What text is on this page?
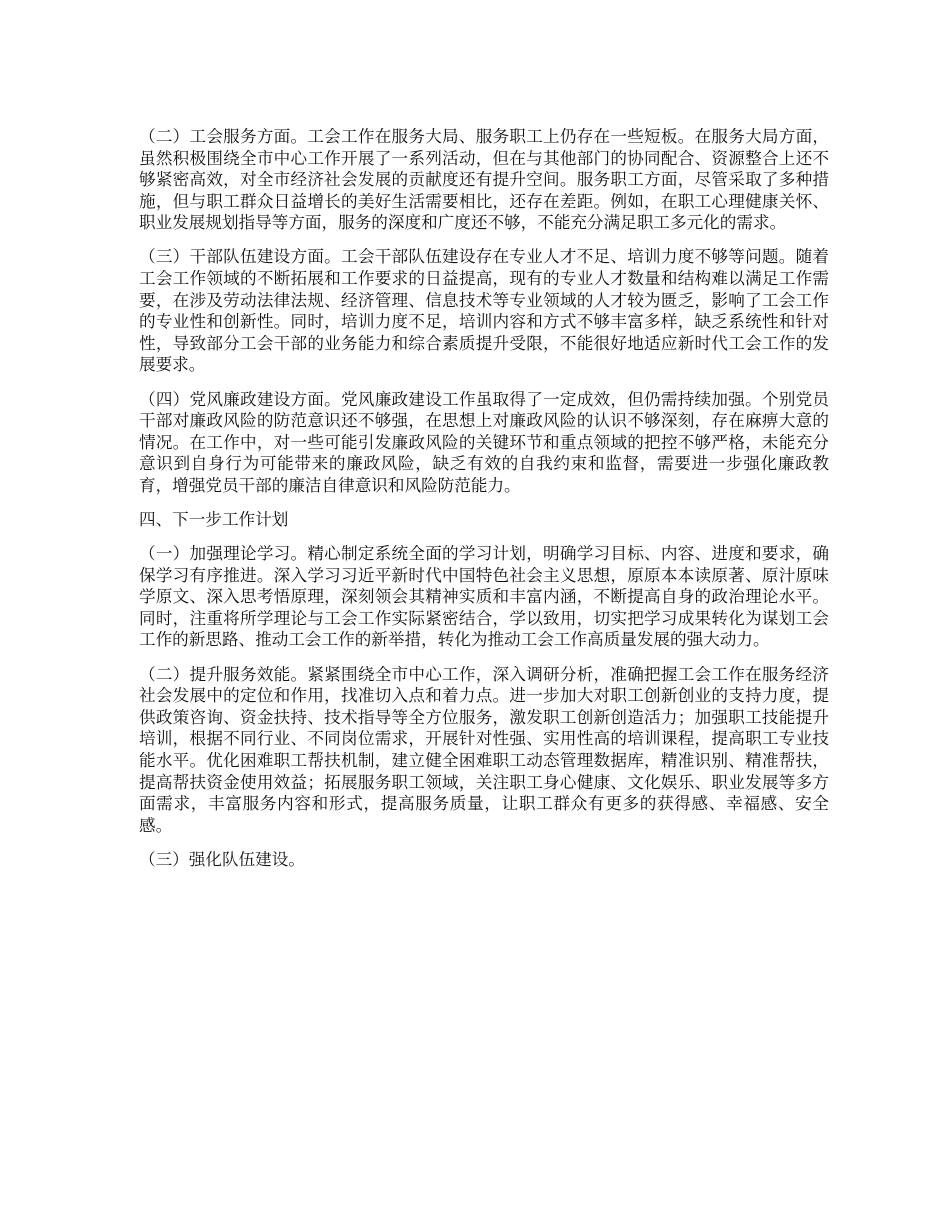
（二）工会服务方面。工会工作在服务大局、服务职工上仍存在一些短板。在服务大局方面，虽然积极围绕全市中心工作开展了一系列活动，但在与其他部门的协同配合、资源整合上还不够紧密高效，对全市经济社会发展的贡献度还有提升空间。服务职工方面，尽管采取了多种措施，但与职工群众日益增长的美好生活需要相比，还存在差距。例如，在职工心理健康关怀、职业发展规划指导等方面，服务的深度和广度还不够，不能充分满足职工多元化的需求。

（三）干部队伍建设方面。工会干部队伍建设存在专业人才不足、培训力度不够等问题。随着工会工作领域的不断拓展和工作要求的日益提高，现有的专业人才数量和结构难以满足工作需要，在涉及劳动法律法规、经济管理、信息技术等专业领域的人才较为匮乏，影响了工会工作的专业性和创新性。同时，培训力度不足，培训内容和方式不够丰富多样，缺乏系统性和针对性，导致部分工会干部的业务能力和综合素质提升受限，不能很好地适应新时代工会工作的发展要求。

（四）党风廉政建设方面。党风廉政建设工作虽取得了一定成效，但仍需持续加强。个别党员干部对廉政风险的防范意识还不够强，在思想上对廉政风险的认识不够深刻，存在麻痹大意的情况。在工作中，对一些可能引发廉政风险的关键环节和重点领域的把控不够严格，未能充分意识到自身行为可能带来的廉政风险，缺乏有效的自我约束和监督，需要进一步强化廉政教育，增强党员干部的廉洁自律意识和风险防范能力。

四、下一步工作计划

（一）加强理论学习。精心制定系统全面的学习计划，明确学习目标、内容、进度和要求，确保学习有序推进。深入学习习近平新时代中国特色社会主义思想，原原本本读原著、原汁原味学原文、深入思考悟原理，深刻领会其精神实质和丰富内涵，不断提高自身的政治理论水平。同时，注重将所学理论与工会工作实际紧密结合，学以致用，切实把学习成果转化为谋划工会工作的新思路、推动工会工作的新举措，转化为推动工会工作高质量发展的强大动力。

（二）提升服务效能。紧紧围绕全市中心工作，深入调研分析，准确把握工会工作在服务经济社会发展中的定位和作用，找准切入点和着力点。进一步加大对职工创新创业的支持力度，提供政策咨询、资金扶持、技术指导等全方位服务，激发职工创新创造活力；加强职工技能提升培训，根据不同行业、不同岗位需求，开展针对性强、实用性高的培训课程，提高职工专业技能水平。优化困难职工帮扶机制，建立健全困难职工动态管理数据库，精准识别、精准帮扶，提高帮扶资金使用效益；拓展服务职工领域，关注职工身心健康、文化娱乐、职业发展等多方面需求，丰富服务内容和形式，提高服务质量，让职工群众有更多的获得感、幸福感、安全感。

（三）强化队伍建设。
